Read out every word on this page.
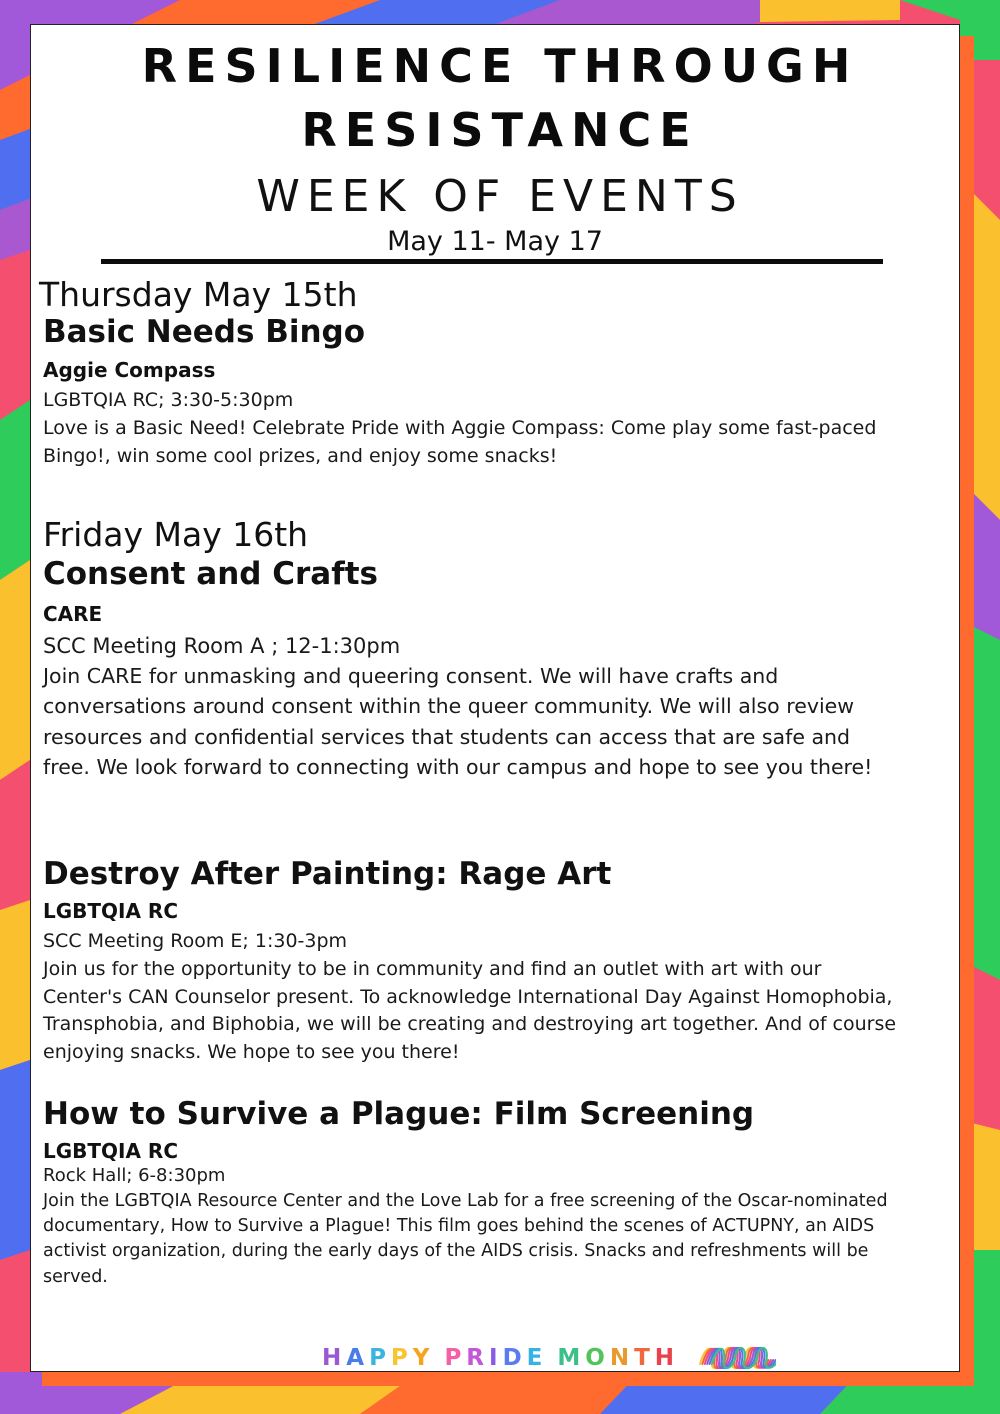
RESILIENCE THROUGH
RESISTANCE
WEEK OF EVENTS
May 11- May 17
Thursday May 15th
Basic Needs Bingo
Aggie Compass
LGBTQIA RC; 3:30-5:30pm
Love is a Basic Need! Celebrate Pride with Aggie Compass: Come play some fast-paced Bingo!, win some cool prizes, and enjoy some snacks!
Friday May 16th
Consent and Crafts
CARE
SCC Meeting Room A ; 12-1:30pm
Join CARE for unmasking and queering consent. We will have crafts and conversations around consent within the queer community. We will also review resources and confidential services that students can access that are safe and free. We look forward to connecting with our campus and hope to see you there!
Destroy After Painting: Rage Art
LGBTQIA RC
SCC Meeting Room E; 1:30-3pm
Join us for the opportunity to be in community and find an outlet with art with our Center's CAN Counselor present. To acknowledge International Day Against Homophobia, Transphobia, and Biphobia, we will be creating and destroying art together. And of course enjoying snacks. We hope to see you there!
How to Survive a Plague: Film Screening
LGBTQIA RC
Rock Hall; 6-8:30pm
Join the LGBTQIA Resource Center and the Love Lab for a free screening of the Oscar-nominated documentary, How to Survive a Plague! This film goes behind the scenes of ACTUPNY, an AIDS activist organization, during the early days of the AIDS crisis. Snacks and refreshments will be served.
HAPPY PRIDE MONTH
